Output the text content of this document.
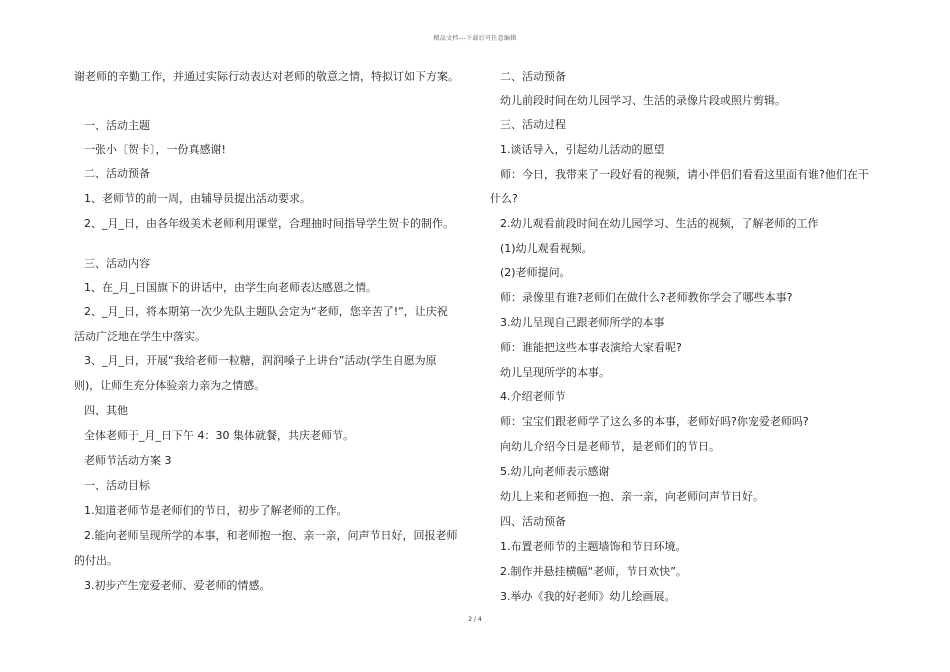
精品文档---下载后可任意编辑
谢老师的辛勤工作，并通过实际行动表达对老师的敬意之情，特拟订如下方案。
一、活动主题
一张小〔贺卡〕，一份真感谢!
二、活动预备
1、老师节的前一周，由辅导员提出活动要求。
2、_月_日，由各年级美术老师利用课堂，合理抽时间指导学生贺卡的制作。
三、活动内容
1、在_月_日国旗下的讲话中，由学生向老师表达感恩之情。
2、_月_日，将本期第一次少先队主题队会定为“老师，您辛苦了!”，让庆祝
活动广泛地在学生中落实。
3、_月_日，开展“我给老师一粒糖，润润嗓子上讲台”活动(学生自愿为原
则)，让师生充分体验亲力亲为之情感。
四、其他
全体老师于_月_日下午 4：30 集体就餐，共庆老师节。
老师节活动方案 3
一、活动目标
1.知道老师节是老师们的节日，初步了解老师的工作。
2.能向老师呈现所学的本事，和老师抱一抱、亲一亲，问声节日好，回报老师
的付出。
3.初步产生宠爱老师、爱老师的情感。
二、活动预备
幼儿前段时间在幼儿园学习、生活的录像片段或照片剪辑。
三、活动过程
1.谈话导入，引起幼儿活动的愿望
师：今日，我带来了一段好看的视频，请小伴侣们看看这里面有谁?他们在干
什么?
2.幼儿观看前段时间在幼儿园学习、生活的视频，了解老师的工作
(1)幼儿观看视频。
(2)老师提问。
师：录像里有谁?老师们在做什么?老师教你学会了哪些本事?
3.幼儿呈现自己跟老师所学的本事
师：谁能把这些本事表演给大家看呢?
幼儿呈现所学的本事。
4.介绍老师节
师：宝宝们跟老师学了这么多的本事，老师好吗?你宠爱老师吗?
向幼儿介绍今日是老师节，是老师们的节日。
5.幼儿向老师表示感谢
幼儿上来和老师抱一抱、亲一亲，向老师问声节日好。
四、活动预备
1.布置老师节的主题墙饰和节日环境。
2.制作并悬挂横幅“老师，节日欢快”。
3.举办《我的好老师》幼儿绘画展。
2 / 4
